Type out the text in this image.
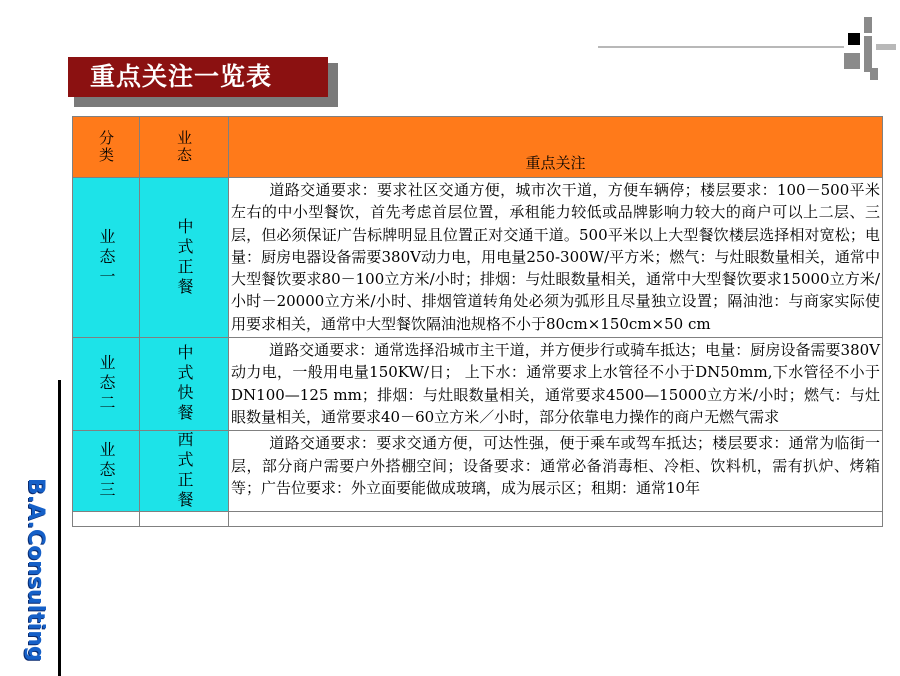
重点关注一览表
分类	业态	重点关注

业态一	中式正餐	道路交通要求：要求社区交通方便，城市次干道，方便车辆停；楼层要求：100－500平米左右的中小型餐饮，首先考虑首层位置，承租能力较低或品牌影响力较大的商户可以上二层、三层，但必须保证广告标牌明显且位置正对交通干道。500平米以上大型餐饮楼层选择相对宽松；电量：厨房电器设备需要380V动力电，用电量250-300W/平方米；燃气：与灶眼数量相关，通常中大型餐饮要求80－100立方米/小时；排烟：与灶眼数量相关，通常中大型餐饮要求15000立方米/小时－20000立方米/小时、排烟管道转角处必须为弧形且尽量独立设置；隔油池：与商家实际使用要求相关，通常中大型餐饮隔油池规格不小于80cm×150cm×50 cm

业态二	中式快餐	道路交通要求：通常选择沿城市主干道，并方便步行或骑车抵达；电量：厨房设备需要380V动力电，一般用电量150KW/日； 上下水：通常要求上水管径不小于DN50mm,下水管径不小于DN100—125 mm；排烟：与灶眼数量相关，通常要求4500—15000立方米/小时；燃气：与灶眼数量相关，通常要求40－60立方米／小时，部分依靠电力操作的商户无燃气需求

业态三	西式正餐	道路交通要求：要求交通方便，可达性强，便于乘车或驾车抵达；楼层要求：通常为临街一层，部分商户需要户外搭棚空间；设备要求：通常必备消毒柜、冷柜、饮料机，需有扒炉、烤箱等；广告位要求：外立面要能做成玻璃，成为展示区；租期：通常10年

B.A.Consulting
